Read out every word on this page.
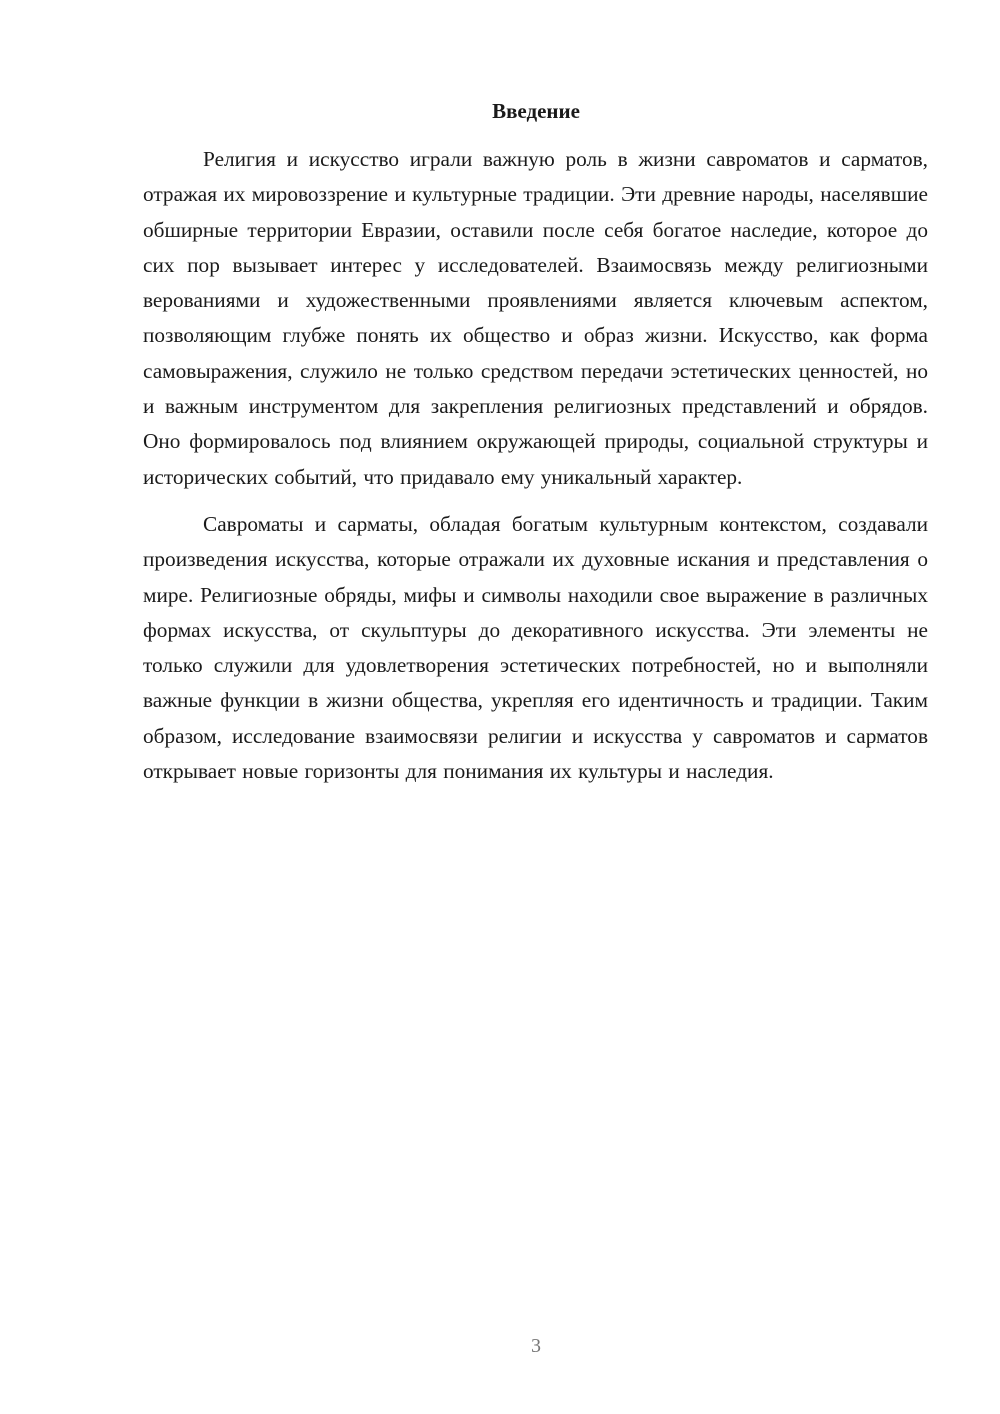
Введение

Религия и искусство играли важную роль в жизни савроматов и сарматов, отражая их мировоззрение и культурные традиции. Эти древние народы, населявшие обширные территории Евразии, оставили после себя богатое наследие, которое до сих пор вызывает интерес у исследователей. Взаимосвязь между религиозными верованиями и художественными проявлениями является ключевым аспектом, позволяющим глубже понять их общество и образ жизни. Искусство, как форма самовыражения, служило не только средством передачи эстетических ценностей, но и важным инструментом для закрепления религиозных представлений и обрядов. Оно формировалось под влиянием окружающей природы, социальной структуры и исторических событий, что придавало ему уникальный характер.

Савроматы и сарматы, обладая богатым культурным контекстом, создавали произведения искусства, которые отражали их духовные искания и представления о мире. Религиозные обряды, мифы и символы находили свое выражение в различных формах искусства, от скульптуры до декоративного искусства. Эти элементы не только служили для удовлетворения эстетических потребностей, но и выполняли важные функции в жизни общества, укрепляя его идентичность и традиции. Таким образом, исследование взаимосвязи религии и искусства у савроматов и сарматов открывает новые горизонты для понимания их культуры и наследия.

3
